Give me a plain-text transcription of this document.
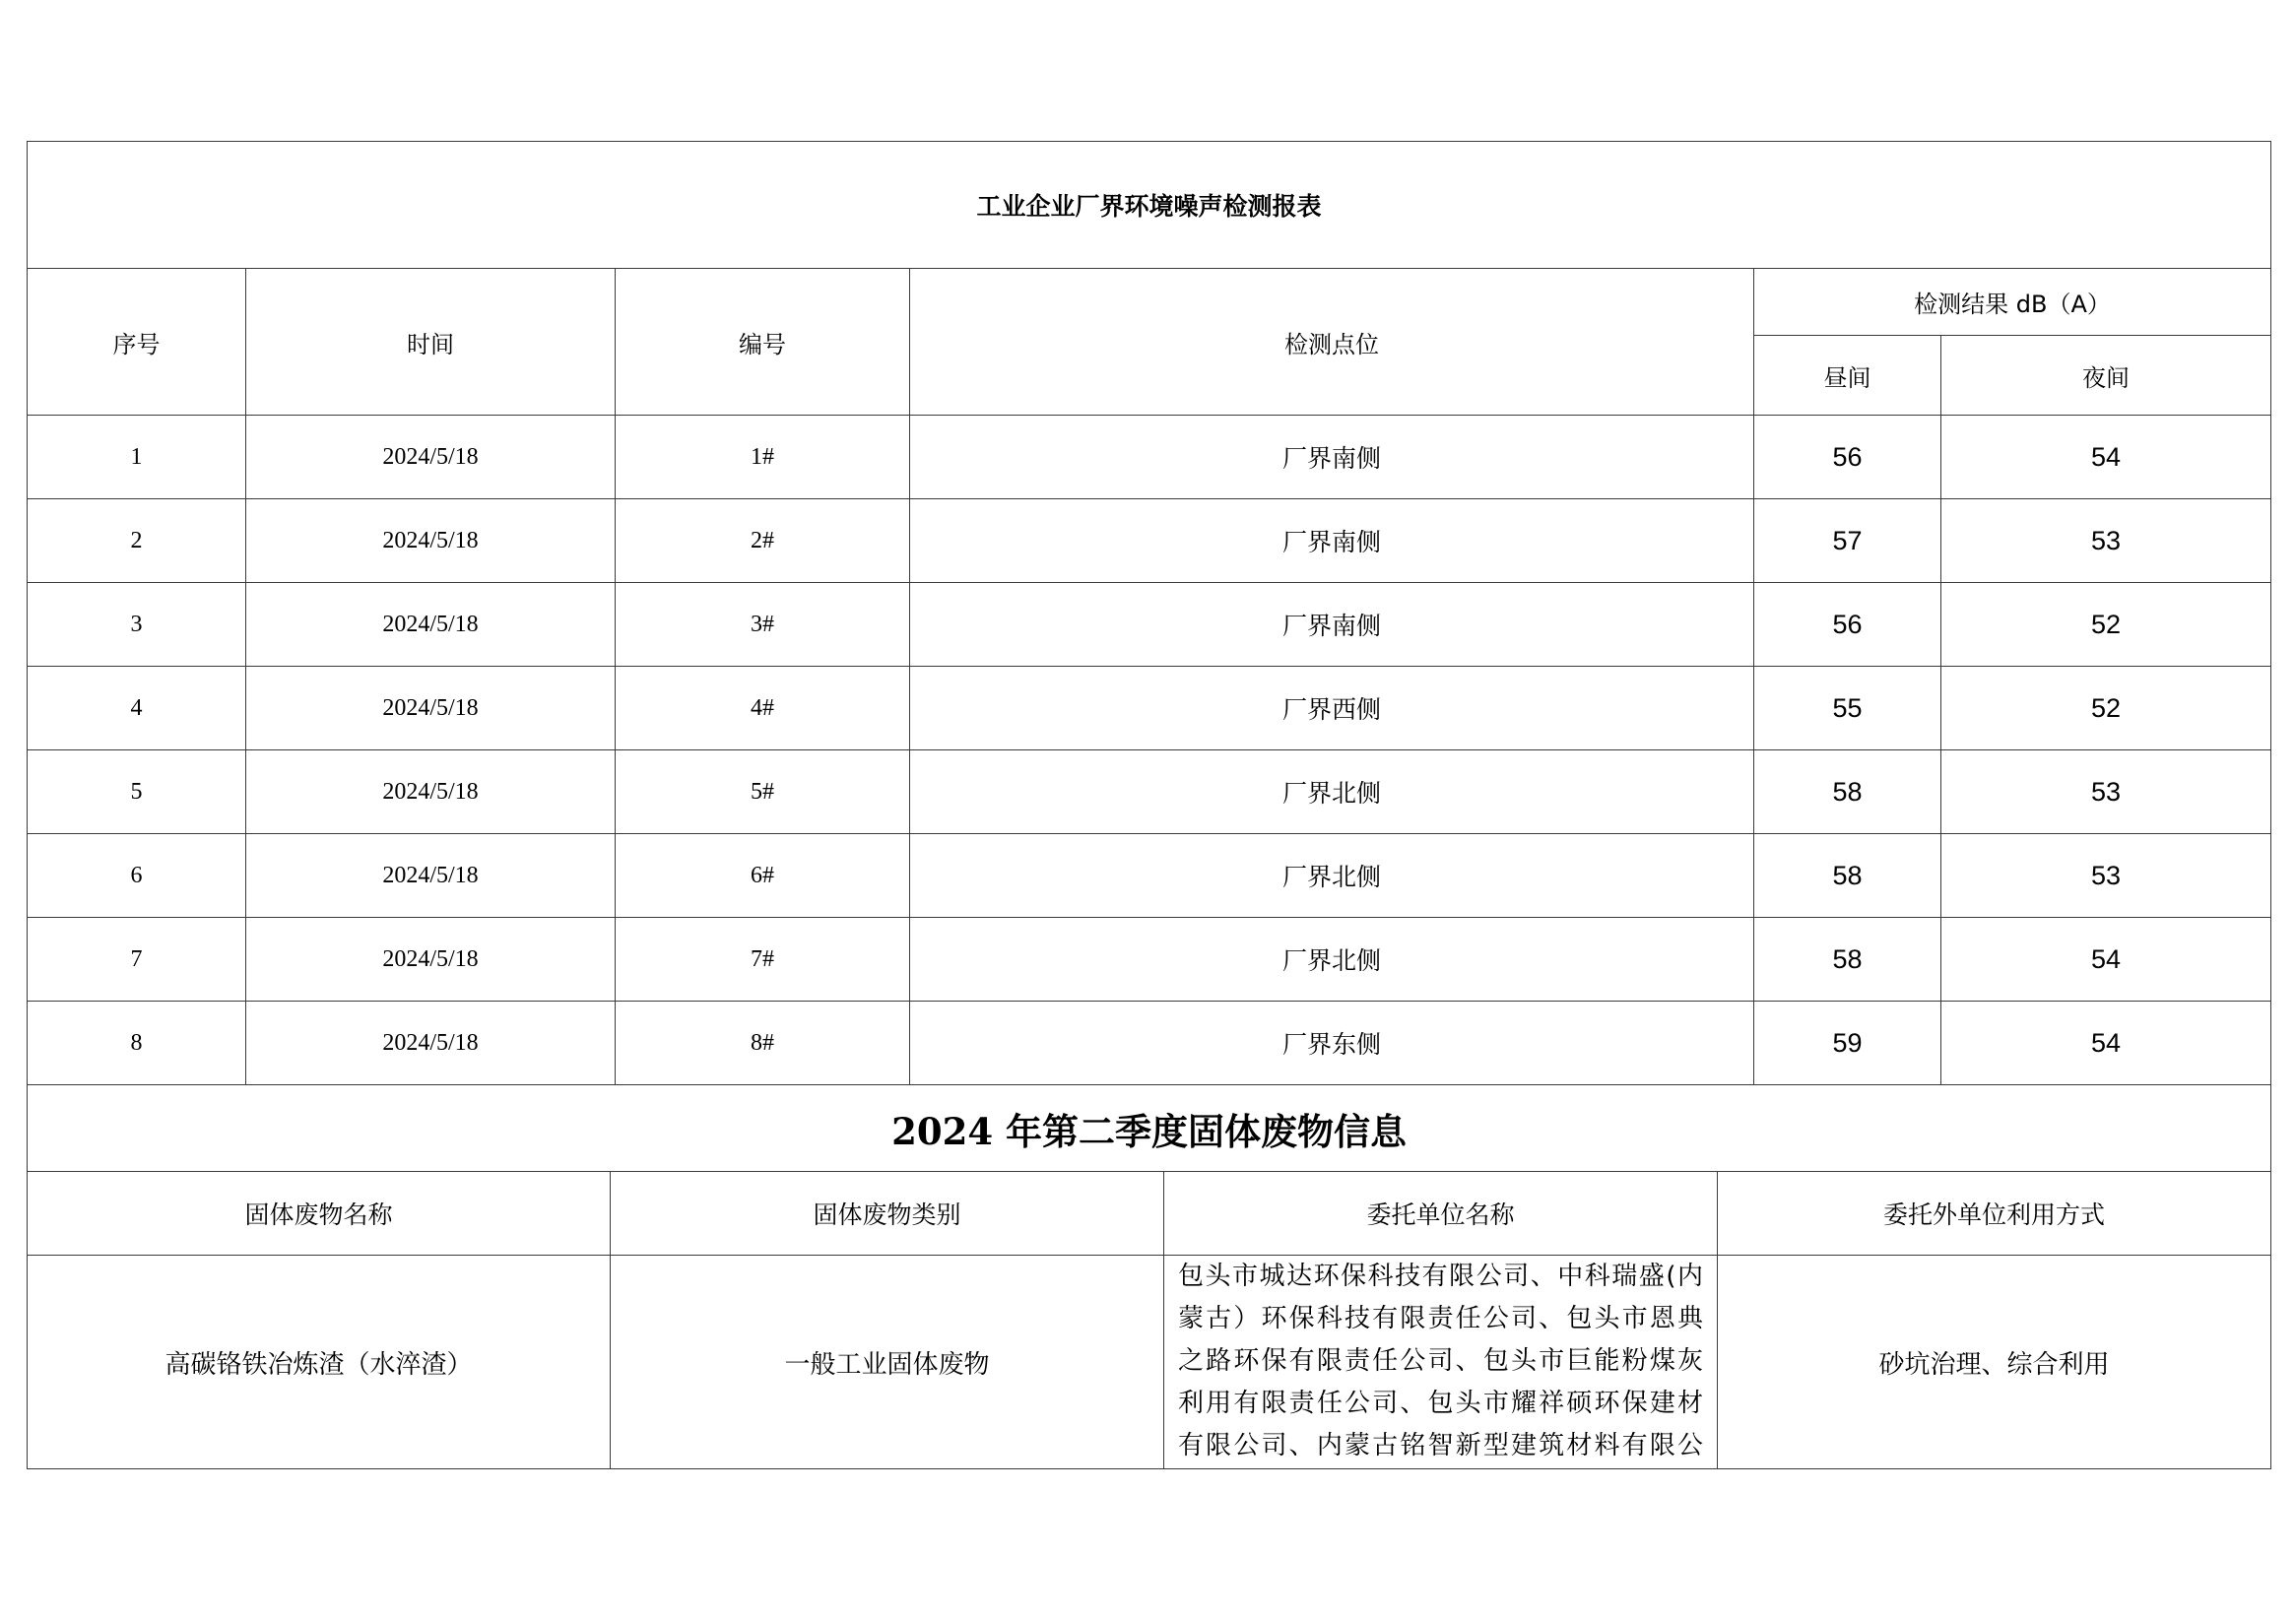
工业企业厂界环境噪声检测报表					
序号	时间	编号	检测点位	检测结果 dB（A）	
				昼间	夜间
1	2024/5/18	1#	厂界南侧	56	54
2	2024/5/18	2#	厂界南侧	57	53
3	2024/5/18	3#	厂界南侧	56	52
4	2024/5/18	4#	厂界西侧	55	52
5	2024/5/18	5#	厂界北侧	58	53
6	2024/5/18	6#	厂界北侧	58	53
7	2024/5/18	7#	厂界北侧	58	54
8	2024/5/18	8#	厂界东侧	59	54
2024 年第二季度固体废物信息			
固体废物名称	固体废物类别	委托单位名称	委托外单位利用方式
高碳铬铁冶炼渣（水淬渣）	一般工业固体废物	包头市城达环保科技有限公司、中科瑞盛(内
蒙古）环保科技有限责任公司、包头市恩典
之路环保有限责任公司、包头市巨能粉煤灰
利用有限责任公司、包头市耀祥硕环保建材
有限公司、内蒙古铭智新型建筑材料有限公	砂坑治理、综合利用
